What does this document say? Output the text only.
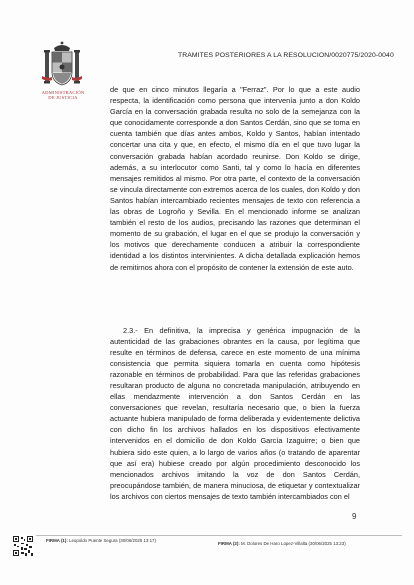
ADMINISTRACIÓN
DE JUSTICIA
TRAMITES POSTERIORES A LA RESOLUCION/0020775/2020-0040

de que en cinco minutos llegaría a "Ferraz". Por lo que a este audio respecta, la identificación como persona que intervenía junto a don Koldo García en la conversación grabada resulta no solo de la semejanza con la que conocidamente corresponde a don Santos Cerdán, sino que se toma en cuenta también que días antes ambos, Koldo y Santos, habían intentado concertar una cita y que, en efecto, el mismo día en el que tuvo lugar la conversación grabada habían acordado reunirse. Don Koldo se dirige, además, a su interlocutor como Santi, tal y como lo hacía en diferentes mensajes remitidos al mismo. Por otra parte, el contexto de la conversación se vincula directamente con extremos acerca de los cuales, don Koldo y don Santos habían intercambiado recientes mensajes de texto con referencia a las obras de Logroño y Sevilla. En el mencionado informe se analizan también el resto de los audios, precisando las razones que determinan el momento de su grabación, el lugar en el que se produjo la conversación y los motivos que derechamente conducen a atribuir la correspondiente identidad a los distintos intervinientes. A dicha detallada explicación hemos de remitirnos ahora con el propósito de contener la extensión de este auto.

2.3.- En definitiva, la imprecisa y genérica impugnación de la autenticidad de las grabaciones obrantes en la causa, por legítima que resulte en términos de defensa, carece en este momento de una mínima consistencia que permita siquiera tomarla en cuenta como hipótesis razonable en términos de probabilidad. Para que las referidas grabaciones resultaran producto de alguna no concretada manipulación, atribuyendo en ellas mendazmente intervención a don Santos Cerdán en las conversaciones que revelan, resultaría necesario que, o bien la fuerza actuante hubiera manipulado de forma deliberada y evidentemente delictiva con dicho fin los archivos hallados en los dispositivos efectivamente intervenidos en el domicilio de don Koldo García Izaguirre; o bien que hubiera sido este quien, a lo largo de varios años (o tratando de aparentar que así era) hubiese creado por algún procedimiento desconocido los mencionados archivos imitando la voz de don Santos Cerdán, preocupándose también, de manera minuciosa, de etiquetar y contextualizar los archivos con ciertos mensajes de texto también intercambiados con el
9
FIRMA (1): Leopoldo Puente Segura (30/06/2025 13:17)
FIRMA (2): M. Dolores De Haro Lopez-Villalta (30/06/2025 13:23)
